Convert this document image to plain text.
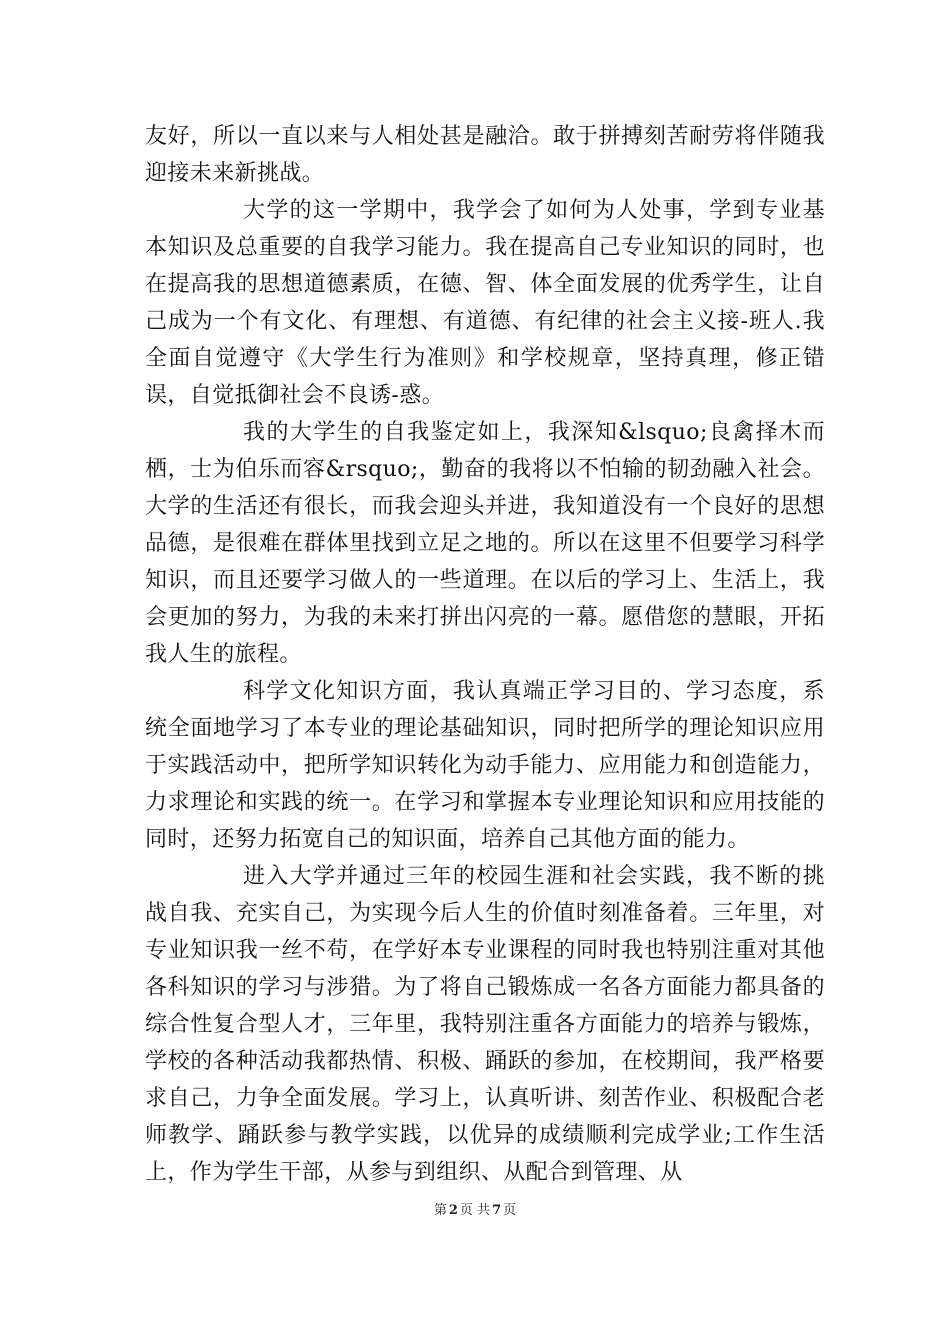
友好，所以一直以来与人相处甚是融洽。敢于拼搏刻苦耐劳将伴随我迎接未来新挑战。

大学的这一学期中，我学会了如何为人处事，学到专业基本知识及总重要的自我学习能力。我在提高自己专业知识的同时，也在提高我的思想道德素质，在德、智、体全面发展的优秀学生，让自己成为一个有文化、有理想、有道德、有纪律的社会主义接-班人.我全面自觉遵守《大学生行为准则》和学校规章，坚持真理，修正错误，自觉抵御社会不良诱-惑。

我的大学生的自我鉴定如上，我深知&lsquo;良禽择木而栖，士为伯乐而容&rsquo;，勤奋的我将以不怕输的韧劲融入社会。大学的生活还有很长，而我会迎头并进，我知道没有一个良好的思想品德，是很难在群体里找到立足之地的。所以在这里不但要学习科学知识，而且还要学习做人的一些道理。在以后的学习上、生活上，我会更加的努力，为我的未来打拼出闪亮的一幕。愿借您的慧眼，开拓我人生的旅程。

科学文化知识方面，我认真端正学习目的、学习态度，系统全面地学习了本专业的理论基础知识，同时把所学的理论知识应用于实践活动中，把所学知识转化为动手能力、应用能力和创造能力，力求理论和实践的统一。在学习和掌握本专业理论知识和应用技能的同时，还努力拓宽自己的知识面，培养自己其他方面的能力。

进入大学并通过三年的校园生涯和社会实践，我不断的挑战自我、充实自己，为实现今后人生的价值时刻准备着。三年里，对专业知识我一丝不苟，在学好本专业课程的同时我也特别注重对其他各科知识的学习与涉猎。为了将自己锻炼成一名各方面能力都具备的综合性复合型人才，三年里，我特别注重各方面能力的培养与锻炼，学校的各种活动我都热情、积极、踊跃的参加，在校期间，我严格要求自己，力争全面发展。学习上，认真听讲、刻苦作业、积极配合老师教学、踊跃参与教学实践，以优异的成绩顺利完成学业;工作生活上，作为学生干部，从参与到组织、从配合到管理、从

第 2 页 共 7 页
